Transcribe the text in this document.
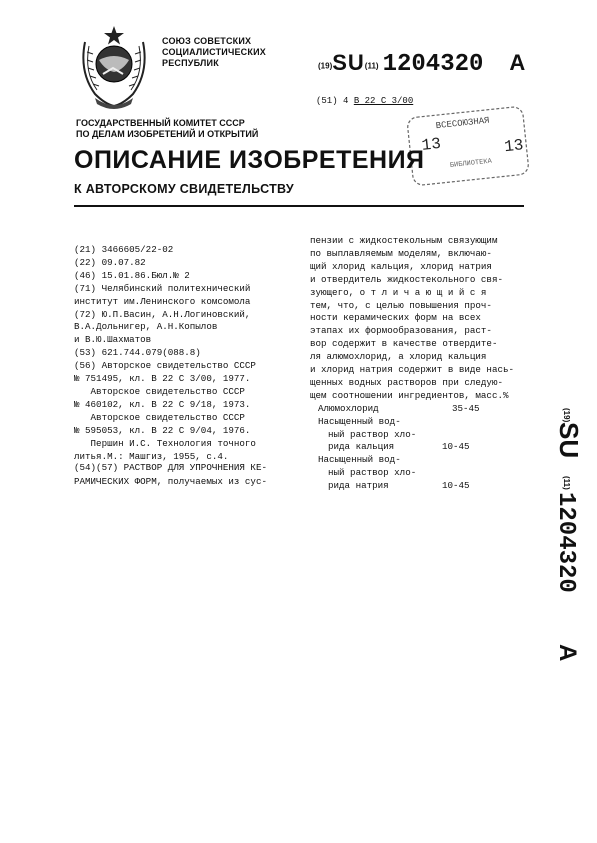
СОЮЗ СОВЕТСКИХ
СОЦИАЛИСТИЧЕСКИХ
РЕСПУБЛИК	(19)SU(11) 1204320 A
(51) 4 B 22 C 3/00
ГОСУДАРСТВЕННЫЙ КОМИТЕТ СССР
ПО ДЕЛАМ ИЗОБРЕТЕНИЙ И ОТКРЫТИЙ
ВСЕСОЮЗНАЯ
13	13
БИБЛИОТЕКА
ОПИСАНИЕ ИЗОБРЕТЕНИЯ
К АВТОРСКОМУ СВИДЕТЕЛЬСТВУ
(21) 3466605/22-02
(22) 09.07.82
(46) 15.01.86.Бюл.№ 2
(71) Челябинский политехнический
институт им.Ленинского комсомола
(72) Ю.П.Васин, А.Н.Логиновский,
В.А.Дольнигер, А.Н.Копылов
и В.Ю.Шахматов
(53) 621.744.079(088.8)
(56) Авторское свидетельство СССР
№ 751495, кл. В 22 С 3/00, 1977.
Авторское свидетельство СССР
№ 460102, кл. В 22 С 9/18, 1973.
Авторское свидетельство СССР
№ 595053, кл. В 22 С 9/04, 1976.
Першин И.С. Технология точного
литья.М.: Машгиз, 1955, с.4.
(54)(57) РАСТВОР ДЛЯ УПРОЧНЕНИЯ КЕ-
РАМИЧЕСКИХ ФОРМ, получаемых из сус-
пензии с жидкостекольным связующим
по выплавляемым моделям, включаю-
щий хлорид кальция, хлорид натрия
и отвердитель жидкостекольного свя-
зующего, о т л и ч а ю щ и й с я
тем, что, с целью повышения проч-
ности керамических форм на всех
этапах их формообразования, раст-
вор содержит в качестве отвердите-
ля алюмохлорид, а хлорид кальция
и хлорид натрия содержит в виде нась-
щенных водных растворов при следую-
щем соотношении ингредиентов, масс.%
Алюмохлорид	35-45
Насыщенный вод-
ный раствор хло-
рида кальция	10-45
Насыщенный вод-
ный раствор хло-
рида натрия	10-45
(19)
SU
(11)
1204320
A
